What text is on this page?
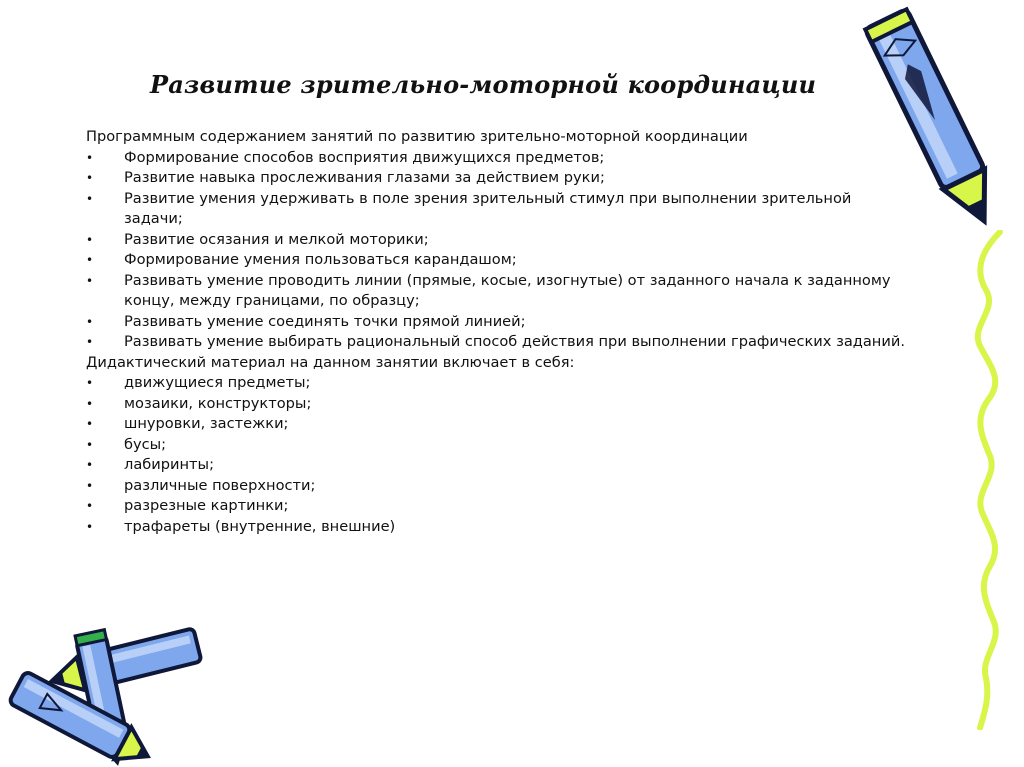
Развитие зрительно-моторной координации

Программным содержанием занятий по развитию зрительно-моторной координации

• Формирование способов восприятия движущихся предметов;
• Развитие навыка прослеживания глазами за действием руки;
• Развитие умения удерживать в поле зрения зрительный стимул при выполнении зрительной задачи;
• Развитие осязания и мелкой моторики;
• Формирование умения пользоваться карандашом;
• Развивать умение проводить линии (прямые, косые, изогнутые) от заданного начала к заданному концу, между границами, по образцу;
• Развивать умение соединять точки прямой линией;
• Развивать умение выбирать рациональный способ действия при выполнении графических заданий.

Дидактический материал на данном занятии включает в себя:

• движущиеся предметы;
• мозаики, конструкторы;
• шнуровки, застежки;
• бусы;
• лабиринты;
• различные поверхности;
• разрезные картинки;
• трафареты (внутренние, внешние)
